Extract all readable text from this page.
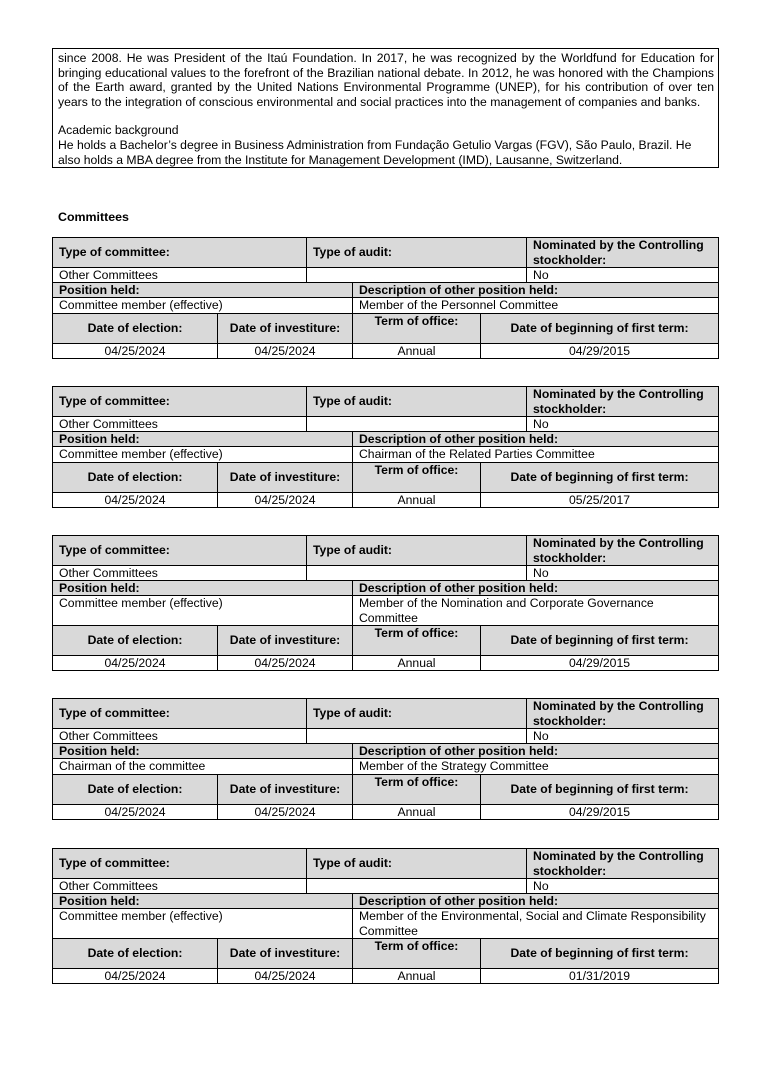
since 2008. He was President of the Itaú Foundation. In 2017, he was recognized by the Worldfund for Education for bringing educational values to the forefront of the Brazilian national debate. In 2012, he was honored with the Champions of the Earth award, granted by the United Nations Environmental Programme (UNEP), for his contribution of over ten years to the integration of conscious environmental and social practices into the management of companies and banks.

Academic background
He holds a Bachelor’s degree in Business Administration from Fundação Getulio Vargas (FGV), São Paulo, Brazil. He also holds a MBA degree from the Institute for Management Development (IMD), Lausanne, Switzerland.

Committees
Type of committee:		Type of audit:			Nominated by the Controlling stockholder:
Other Committees					No
Position held:			Description of other position held:		
Committee member (effective)			Member of the Personnel Committee		
Date of election:	Date of investiture:		Term of office:	Date of beginning of first term:	
04/25/2024	04/25/2024		Annual	04/29/2015	
Type of committee:		Type of audit:			Nominated by the Controlling stockholder:
Other Committees					No
Position held:			Description of other position held:		
Committee member (effective)			Chairman of the Related Parties Committee		
Date of election:	Date of investiture:		Term of office:	Date of beginning of first term:	
04/25/2024	04/25/2024		Annual	05/25/2017	
Type of committee:		Type of audit:			Nominated by the Controlling stockholder:
Other Committees					No
Position held:			Description of other position held:		
Committee member (effective)			Member of the Nomination and Corporate Governance Committee		
Date of election:	Date of investiture:		Term of office:	Date of beginning of first term:	
04/25/2024	04/25/2024		Annual	04/29/2015	
Type of committee:		Type of audit:			Nominated by the Controlling stockholder:
Other Committees					No
Position held:			Description of other position held:		
Chairman of the committee			Member of the Strategy Committee		
Date of election:	Date of investiture:		Term of office:	Date of beginning of first term:	
04/25/2024	04/25/2024		Annual	04/29/2015	
Type of committee:		Type of audit:			Nominated by the Controlling stockholder:
Other Committees					No
Position held:			Description of other position held:		
Committee member (effective)			Member of the Environmental, Social and Climate Responsibility Committee		
Date of election:	Date of investiture:		Term of office:	Date of beginning of first term:	
04/25/2024	04/25/2024		Annual	01/31/2019	
